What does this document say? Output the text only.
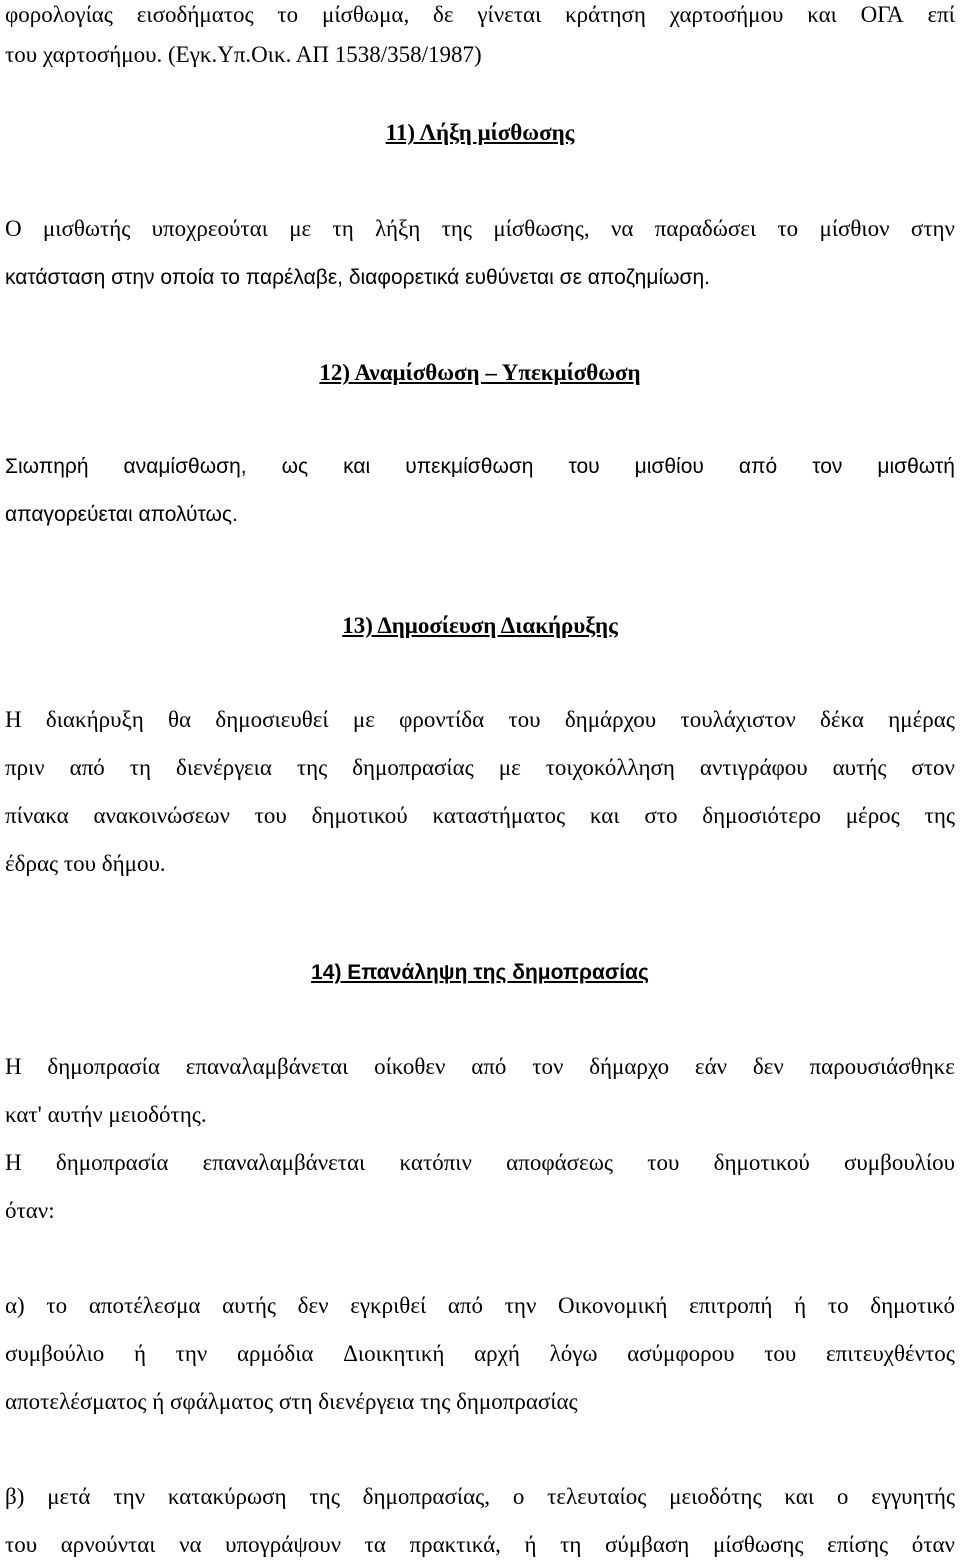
φορολογίας εισοδήματος το μίσθωμα, δε γίνεται κράτηση χαρτοσήμου και ΟΓΑ επί
του χαρτοσήμου. (Εγκ.Υπ.Οικ. ΑΠ 1538/358/1987)
11) Λήξη μίσθωσης
Ο μισθωτής υποχρεούται με τη λήξη της μίσθωσης, να παραδώσει το μίσθιον στην
κατάσταση στην οποία το παρέλαβε, διαφορετικά ευθύνεται σε αποζημίωση.
12) Αναμίσθωση – Υπεκμίσθωση
Σιωπηρή αναμίσθωση, ως και υπεκμίσθωση του μισθίου από τον μισθωτή
απαγορεύεται απολύτως.
13) Δημοσίευση Διακήρυξης
Η διακήρυξη θα δημοσιευθεί με φροντίδα του δημάρχου τουλάχιστον δέκα ημέρας
πριν από τη διενέργεια της δημοπρασίας με τοιχοκόλληση αντιγράφου αυτής στον
πίνακα ανακοινώσεων του δημοτικού καταστήματος και στο δημοσιότερο μέρος της
έδρας του δήμου.
14) Επανάληψη της δημοπρασίας
Η δημοπρασία επαναλαμβάνεται οίκοθεν από τον δήμαρχο εάν δεν παρουσιάσθηκε
κατ' αυτήν μειοδότης.
Η δημοπρασία επαναλαμβάνεται κατόπιν αποφάσεως του δημοτικού συμβουλίου
όταν:
α) το αποτέλεσμα αυτής δεν εγκριθεί από την Οικονομική επιτροπή ή το δημοτικό
συμβούλιο ή την αρμόδια Διοικητική αρχή λόγω ασύμφορου του επιτευχθέντος
αποτελέσματος ή σφάλματος στη διενέργεια της δημοπρασίας
β) μετά την κατακύρωση της δημοπρασίας, ο τελευταίος μειοδότης και ο εγγυητής
του αρνούνται να υπογράψουν τα πρακτικά, ή τη σύμβαση μίσθωσης επίσης όταν
